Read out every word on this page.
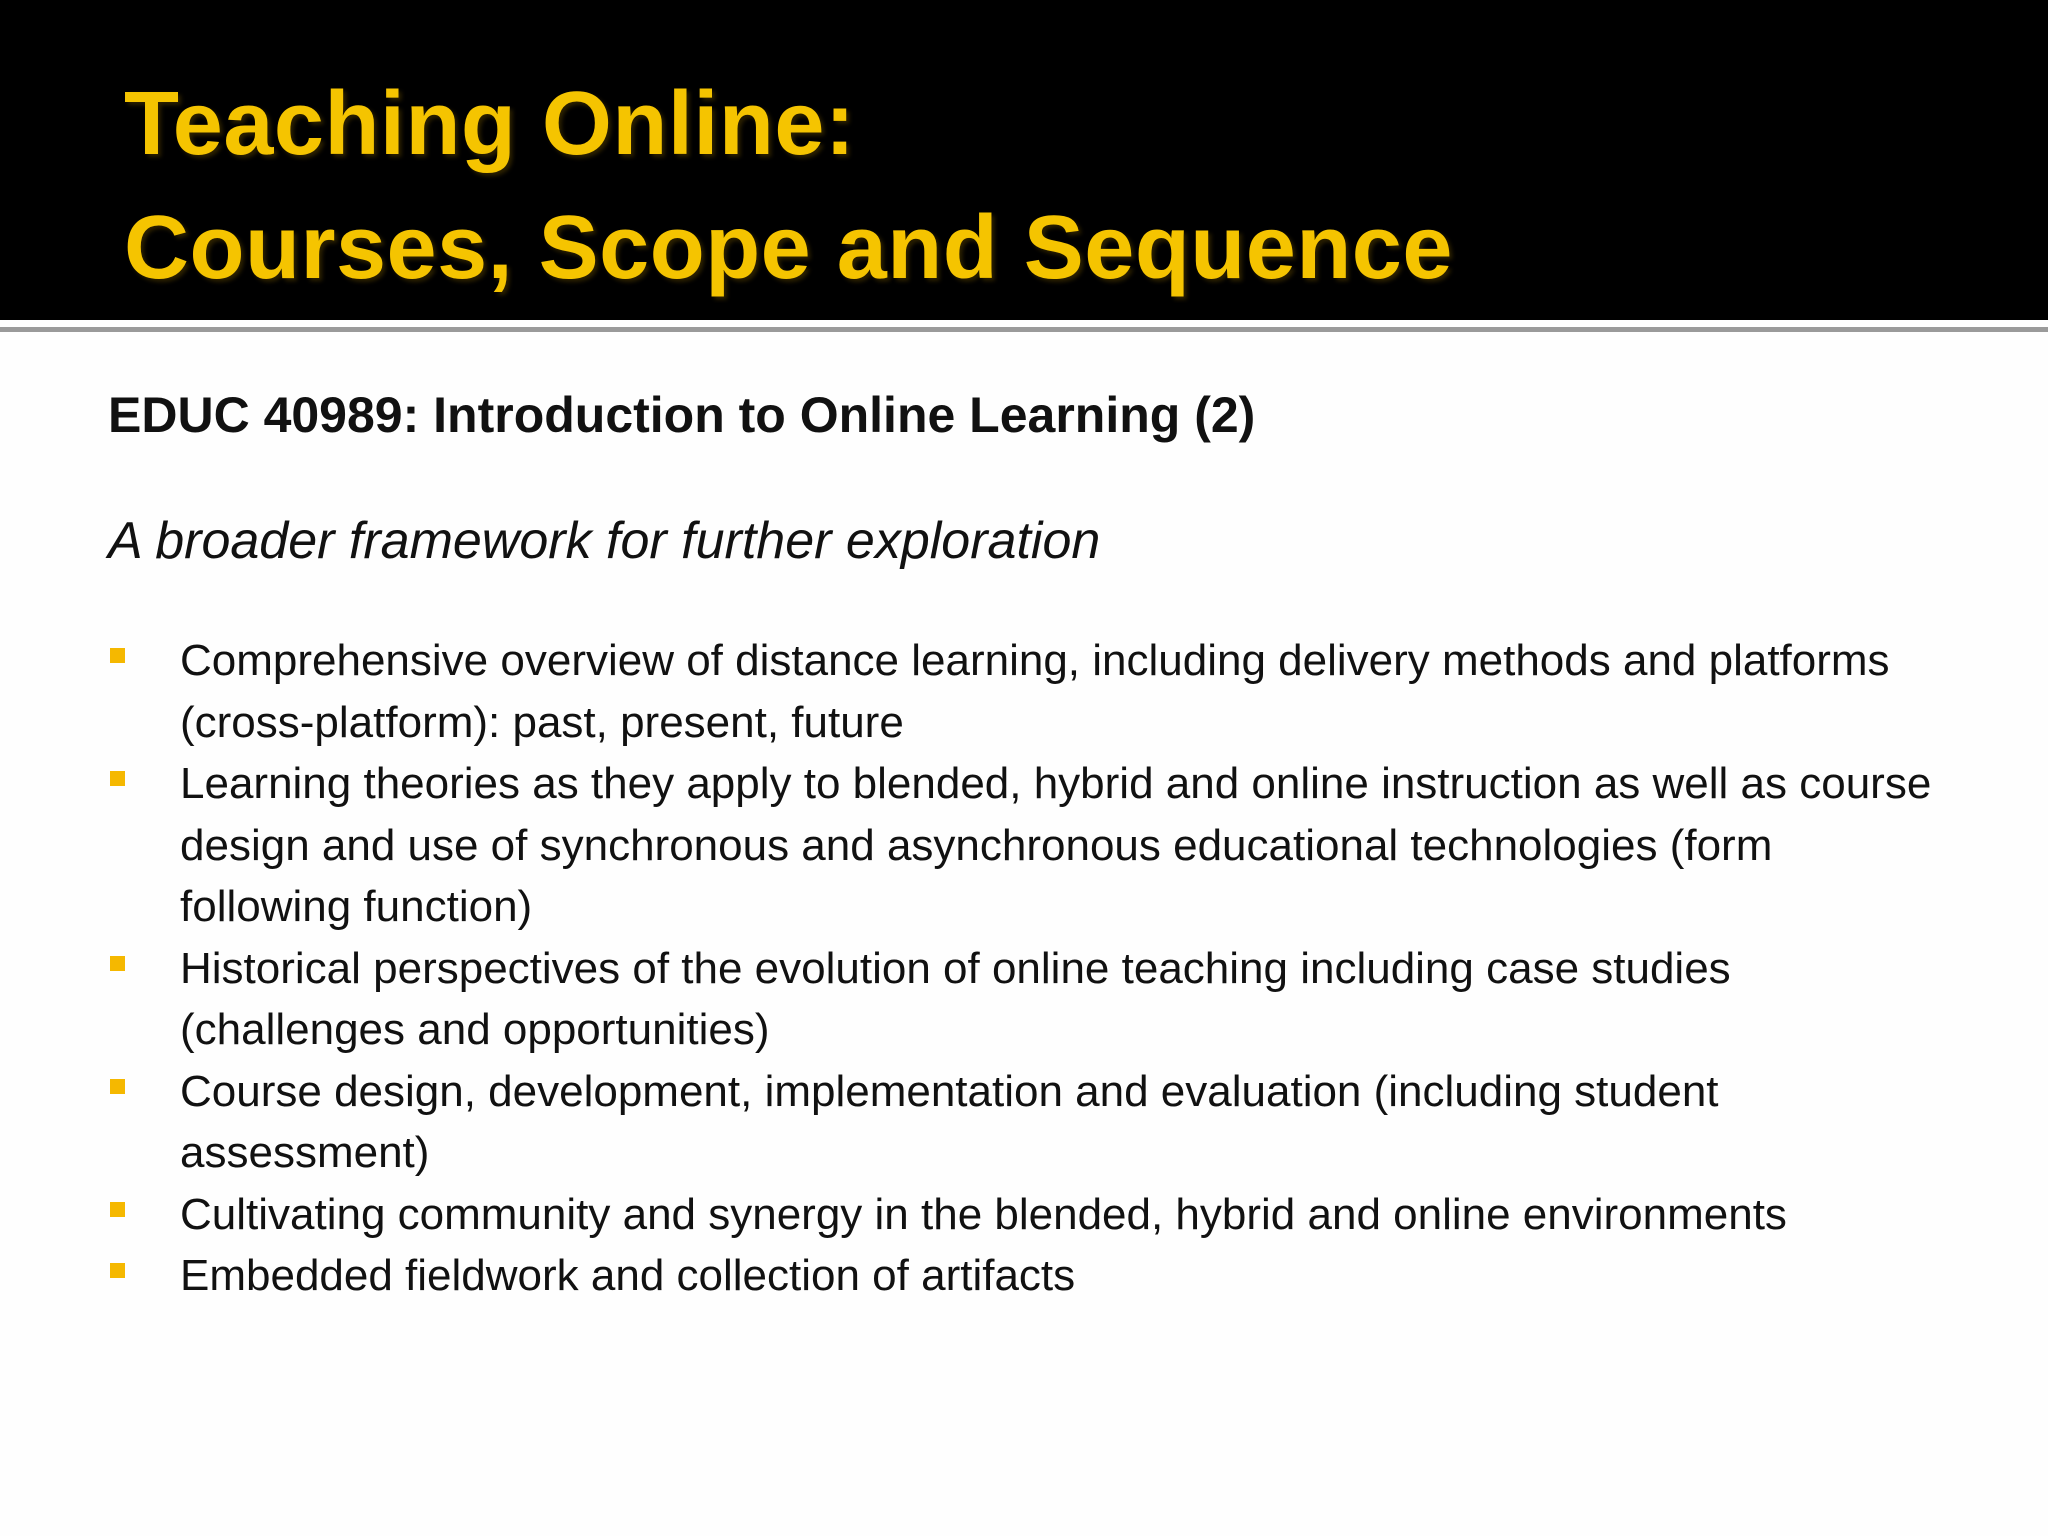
Teaching Online:
Courses, Scope and Sequence

EDUC 40989: Introduction to Online Learning (2)

A broader framework for further exploration

Comprehensive overview of distance learning, including delivery methods and platforms (cross-platform): past, present, future
Learning theories as they apply to blended, hybrid and online instruction as well as course design and use of synchronous and asynchronous educational technologies (form following function)
Historical perspectives of the evolution of online teaching including case studies (challenges and opportunities)
Course design, development, implementation and evaluation (including student assessment)
Cultivating community and synergy in the blended, hybrid and online environments
Embedded fieldwork and collection of artifacts
